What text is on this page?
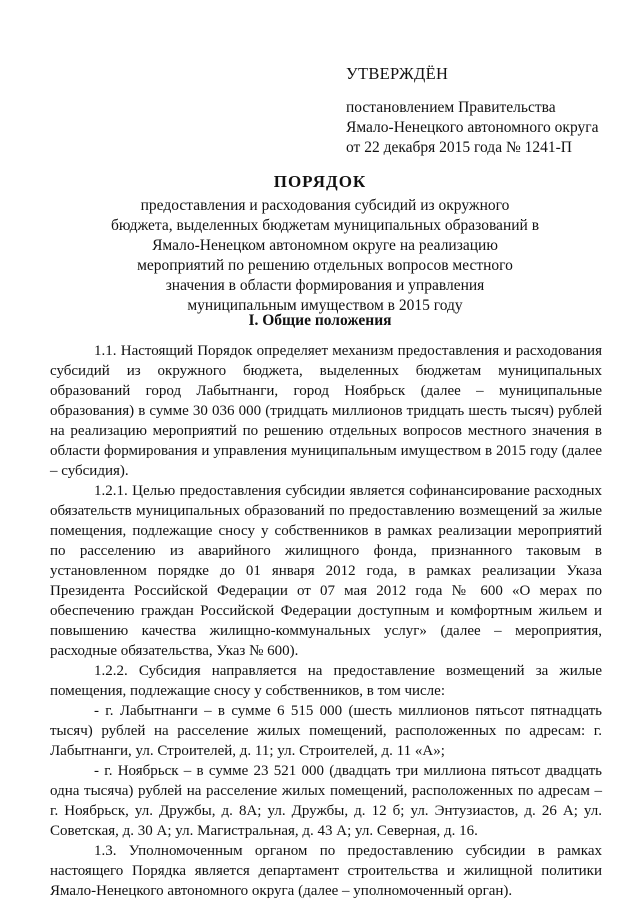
УТВЕРЖДЁН
постановлением Правительства
Ямало-Ненецкого автономного округа
от 22 декабря 2015 года № 1241-П
ПОРЯДОК
предоставления и расходования субсидий из окружного бюджета, выделенных бюджетам муниципальных образований в Ямало-Ненецком автономном округе на реализацию мероприятий по решению отдельных вопросов местного значения в области формирования и управления муниципальным имуществом в 2015 году
I. Общие положения

1.1. Настоящий Порядок определяет механизм предоставления и расходования субсидий из окружного бюджета, выделенных бюджетам муниципальных образований город Лабытнанги, город Ноябрьск (далее – муниципальные образования) в сумме 30 036 000 (тридцать миллионов тридцать шесть тысяч) рублей на реализацию мероприятий по решению отдельных вопросов местного значения в области формирования и управления муниципальным имуществом в 2015 году (далее – субсидия).

1.2.1. Целью предоставления субсидии является софинансирование расходных обязательств муниципальных образований по предоставлению возмещений за жилые помещения, подлежащие сносу у собственников в рамках реализации мероприятий по расселению из аварийного жилищного фонда, признанного таковым в установленном порядке до 01 января 2012 года, в рамках реализации Указа Президента Российской Федерации от 07 мая 2012 года № 600 «О мерах по обеспечению граждан Российской Федерации доступным и комфортным жильем и повышению качества жилищно-коммунальных услуг» (далее – мероприятия, расходные обязательства, Указ № 600).

1.2.2. Субсидия направляется на предоставление возмещений за жилые помещения, подлежащие сносу у собственников, в том числе:

- г. Лабытнанги – в сумме 6 515 000 (шесть миллионов пятьсот пятнадцать тысяч) рублей на расселение жилых помещений, расположенных по адресам: г. Лабытнанги, ул. Строителей, д. 11; ул. Строителей, д. 11 «А»;

- г. Ноябрьск – в сумме 23 521 000 (двадцать три миллиона пятьсот двадцать одна тысяча) рублей на расселение жилых помещений, расположенных по адресам – г. Ноябрьск, ул. Дружбы, д. 8А; ул. Дружбы, д. 12 б; ул. Энтузиастов, д. 26 А; ул. Советская, д. 30 А; ул. Магистральная, д. 43 А; ул. Северная, д. 16.

1.3. Уполномоченным органом по предоставлению субсидии в рамках настоящего Порядка является департамент строительства и жилищной политики Ямало-Ненецкого автономного округа (далее – уполномоченный орган).
